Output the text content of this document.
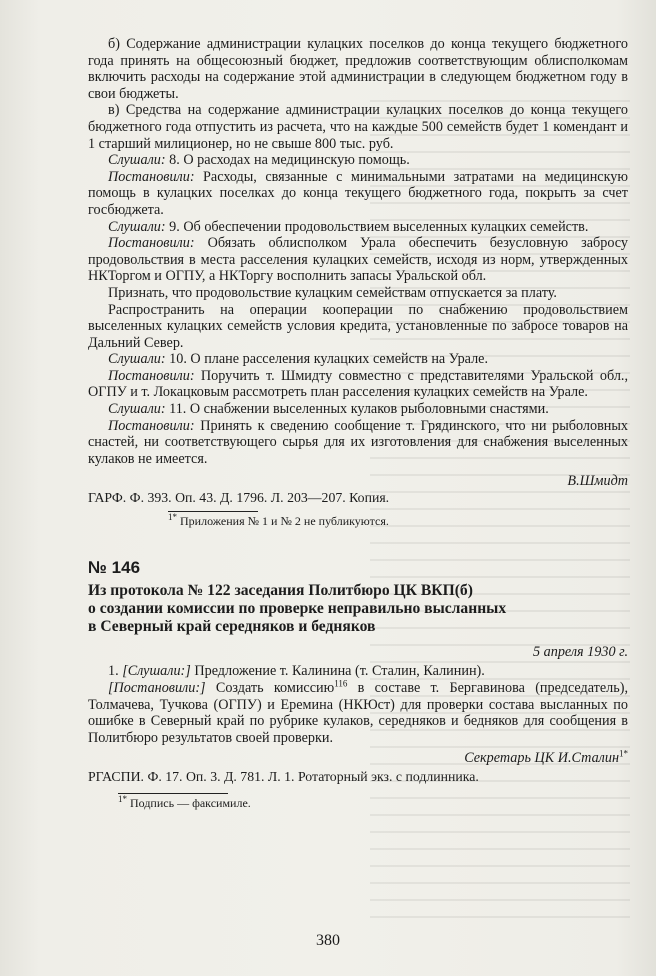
б) Содержание администрации кулацких поселков до конца текущего бюджетного года принять на общесоюзный бюджет, предложив соответствующим облисполкомам включить расходы на содержание этой администрации в следующем бюджетном году в свои бюджеты.

в) Средства на содержание администрации кулацких поселков до конца текущего бюджетного года отпустить из расчета, что на каждые 500 семейств будет 1 комендант и 1 старший милиционер, но не свыше 800 тыс. руб.

Слушали: 8. О расходах на медицинскую помощь.

Постановили: Расходы, связанные с минимальными затратами на медицинскую помощь в кулацких поселках до конца текущего бюджетного года, покрыть за счет госбюджета.

Слушали: 9. Об обеспечении продовольствием выселенных кулацких семейств.

Постановили: Обязать облисполком Урала обеспечить безусловную забросу продовольствия в места расселения кулацких семейств, исходя из норм, утвержденных НКТоргом и ОГПУ, а НКТоргу восполнить запасы Уральской обл.

Признать, что продовольствие кулацким семействам отпускается за плату.

Распространить на операции кооперации по снабжению продовольствием выселенных кулацких семейств условия кредита, установленные по забросе товаров на Дальний Север.

Слушали: 10. О плане расселения кулацких семейств на Урале.

Постановили: Поручить т. Шмидту совместно с представителями Уральской обл., ОГПУ и т. Локацковым рассмотреть план расселения кулацких семейств на Урале.

Слушали: 11. О снабжении выселенных кулаков рыболовными снастями.

Постановили: Принять к сведению сообщение т. Грядинского, что ни рыболовных снастей, ни соответствующего сырья для их изготовления для снабжения выселенных кулаков не имеется.

В.Шмидт

ГАРФ. Ф. 393. Оп. 43. Д. 1796. Л. 203—207. Копия.

$^{1*}$ Приложения № 1 и № 2 не публикуются.

№ 146
Из протокола № 122 заседания Политбюро ЦК ВКП(б)
о создании комиссии по проверке неправильно высланных
в Северный край середняков и бедняков
5 апреля 1930 г.

1. [Слушали:] Предложение т. Калинина (т. Сталин, Калинин).

[Постановили:] Создать комиссию$^{116}$ в составе т. Бергавинова (председатель), Толмачева, Тучкова (ОГПУ) и Еремина (НКЮст) для проверки состава высланных по ошибке в Северный край по рубрике кулаков, середняков и бедняков для сообщения в Политбюро результатов своей проверки.

Секретарь ЦК И.Сталин$^{1*}$

РГАСПИ. Ф. 17. Оп. 3. Д. 781. Л. 1. Ротаторный экз. с подлинника.

$^{1*}$ Подпись — факсимиле.

380
